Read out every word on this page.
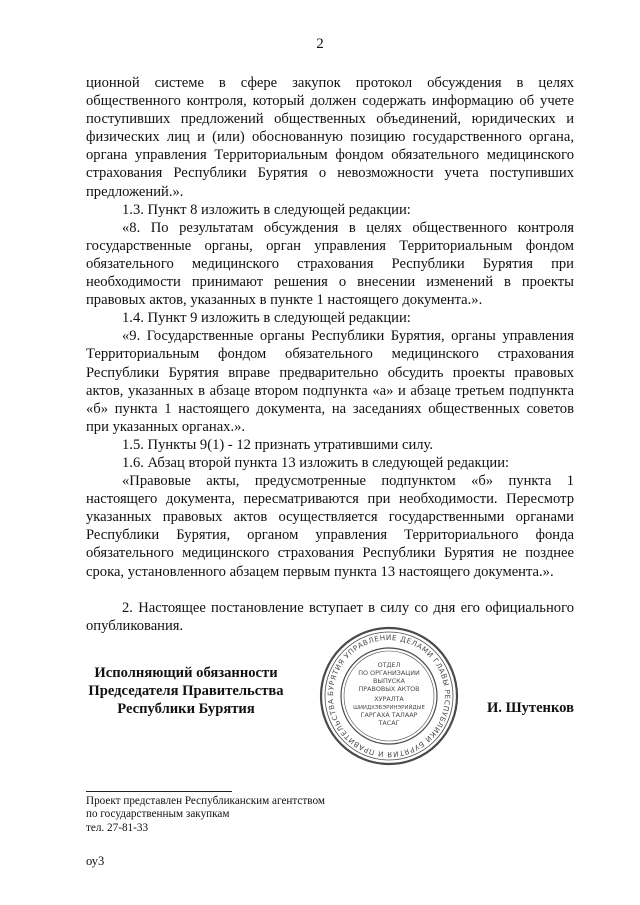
2

ционной системе в сфере закупок протокол обсуждения в целях общественного контроля, который должен содержать информацию об учете поступивших предложений общественных объединений, юридических и физических лиц и (или) обоснованную позицию государственного органа, органа управления Территориальным фондом обязательного медицинского страхования Республики Бурятия о невозможности учета поступивших предложений.».

1.3. Пункт 8 изложить в следующей редакции:

«8. По результатам обсуждения в целях общественного контроля государственные органы, орган управления Территориальным фондом обязательного медицинского страхования Республики Бурятия при необходимости принимают решения о внесении изменений в проекты правовых актов, указанных в пункте 1 настоящего документа.».

1.4. Пункт 9 изложить в следующей редакции:

«9. Государственные органы Республики Бурятия, органы управления Территориальным фондом обязательного медицинского страхования Республики Бурятия вправе предварительно обсудить проекты правовых актов, указанных в абзаце втором подпункта «а» и абзаце третьем подпункта «б» пункта 1 настоящего документа, на заседаниях общественных советов при указанных органах.».

1.5. Пункты 9(1) - 12 признать утратившими силу.

1.6. Абзац второй пункта 13 изложить в следующей редакции:

«Правовые акты, предусмотренные подпунктом «б» пункта 1 настоящего документа, пересматриваются при необходимости. Пересмотр указанных правовых актов осуществляется государственными органами Республики Бурятия, органом управления Территориального фонда обязательного медицинского страхования Республики Бурятия не позднее срока, установленного абзацем первым пункта 13 настоящего документа.».

2. Настоящее постановление вступает в силу со дня его официального опубликования.

Исполняющий обязанности
Председателя Правительства
Республики Бурятия
БУРЯТИЯ УПРАВЛЕНИЕ ДЕЛАМИ ГЛАВЫ РЕСПУБЛИКИ БУРЯТИЯ И ПРАВИТЕЛЬСТВА
ОТДЕЛ
ПО ОРГАНИЗАЦИИ
ВЫПУСКА
ПРАВОВЫХ АКТОВ
ХУРАЛТА
ШИИДХЭБЭРИНЭРИЙДЫЕ
ГАРГАХА ТАЛААР
ТАСАГ
И. Шутенков
Проект представлен Республиканским агентством
по государственным закупкам
тел. 27-81-33
оу3
